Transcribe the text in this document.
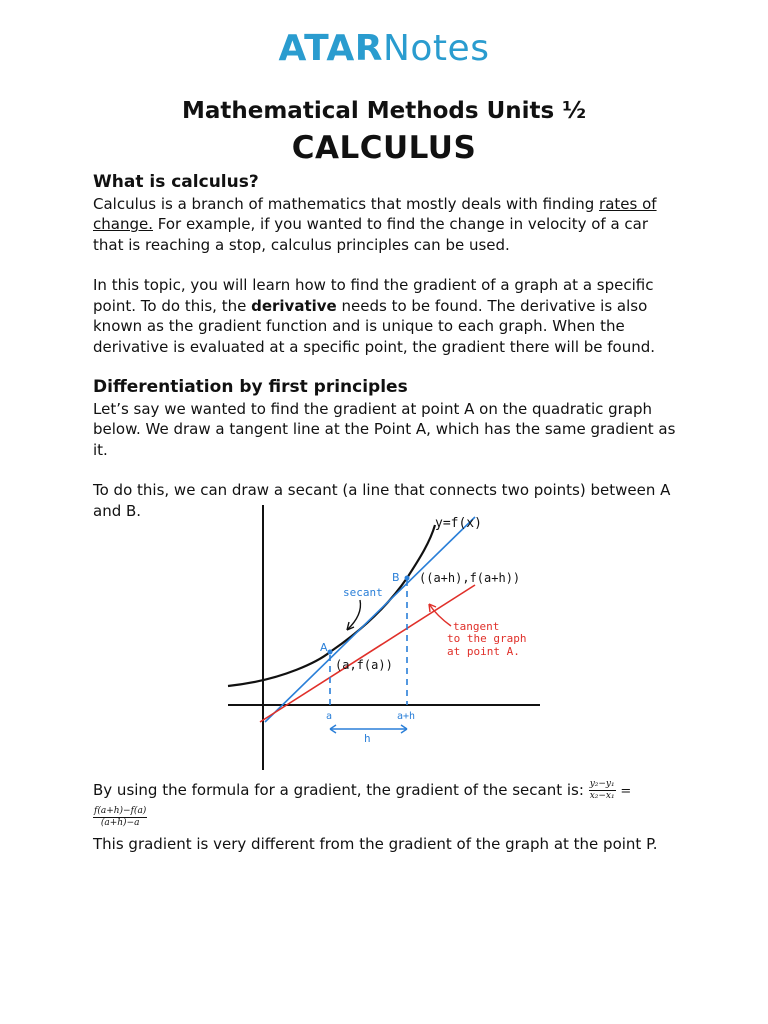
ATARNotes
Mathematical Methods Units ½
CALCULUS
What is calculus?

Calculus is a branch of mathematics that mostly deals with finding rates of change. For example, if you wanted to find the change in velocity of a car that is reaching a stop, calculus principles can be used.

In this topic, you will learn how to find the gradient of a graph at a specific point. To do this, the derivative needs to be found. The derivative is also known as the gradient function and is unique to each graph. When the derivative is evaluated at a specific point, the gradient there will be found.

Differentiation by first principles

Let’s say we wanted to find the gradient at point A on the quadratic graph below. We draw a tangent line at the Point A, which has the same gradient as it.

To do this, we can draw a secant (a line that connects two points) between A and B.

y=f(x)
B ((a+h),f(a+h))
A
(a,f(a))
secant
tangent
to the graph
at point A.
a	a+h
h
By using the formula for a gradient, the gradient of the secant is: $\frac{\text{y₂−y₁}}{\text{x₂−x₁}}$ =
$\frac{f(a+h)-f(a)}{(a+h)-a}$
This gradient is very different from the gradient of the graph at the point P.
